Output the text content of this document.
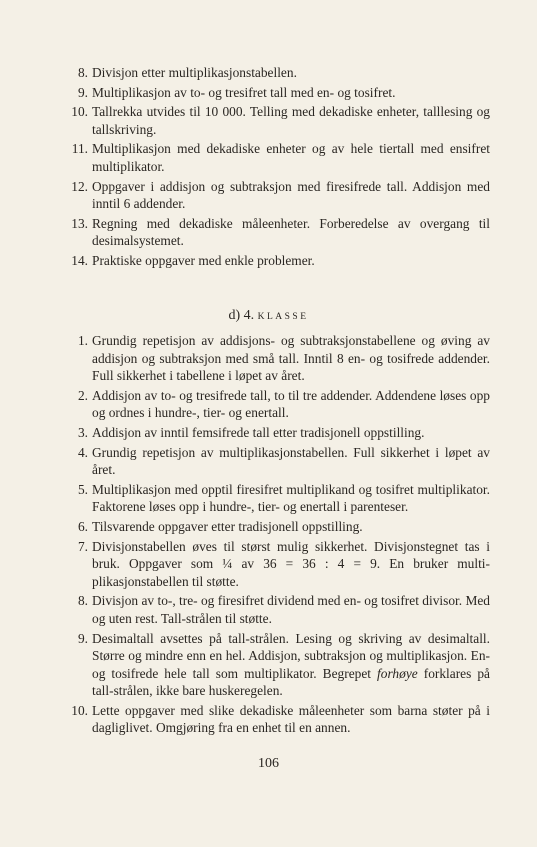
8. Divisjon etter multiplikasjonstabellen.
9. Multiplikasjon av to- og tresifret tall med en- og tosifret.
10. Tallrekka utvides til 10 000. Telling med dekadiske enheter, talllesing og tallskriving.
11. Multiplikasjon med dekadiske enheter og av hele tiertall med ensifret multiplikator.
12. Oppgaver i addisjon og subtraksjon med firesifrede tall. Addisjon med inntil 6 addender.
13. Regning med dekadiske måleenheter. Forberedelse av overgang til desimalsystemet.
14. Praktiske oppgaver med enkle problemer.
d) 4. KLASSE
1. Grundig repetisjon av addisjons- og subtraksjonstabellene og øving av addisjon og subtraksjon med små tall. Inntil 8 en- og tosifrede addender. Full sikkerhet i tabellene i løpet av året.
2. Addisjon av to- og tresifrede tall, to til tre addender. Addendene løses opp og ordnes i hundre-, tier- og enertall.
3. Addisjon av inntil femsifrede tall etter tradisjonell oppstilling.
4. Grundig repetisjon av multiplikasjonstabellen. Full sikkerhet i løpet av året.
5. Multiplikasjon med opptil firesifret multiplikand og tosifret multiplikator. Faktorene løses opp i hundre-, tier- og enertall i parenteser.
6. Tilsvarende oppgaver etter tradisjonell oppstilling.
7. Divisjonstabellen øves til størst mulig sikkerhet. Divisjonstegnet tas i bruk. Oppgaver som ¼ av 36 = 36 : 4 = 9. En bruker multiplikasjonstabellen til støtte.
8. Divisjon av to-, tre- og firesifret dividend med en- og tosifret divisor. Med og uten rest. Tall-strålen til støtte.
9. Desimaltall avsettes på tall-strålen. Lesing og skriving av desimaltall. Større og mindre enn en hel. Addisjon, subtraksjon og multiplikasjon. En- og tosifrede hele tall som multiplikator. Begrepet forhøye forklares på tall-strålen, ikke bare huskeregelen.
10. Lette oppgaver med slike dekadiske måleenheter som barna støter på i dagliglivet. Omgjøring fra en enhet til en annen.
106
